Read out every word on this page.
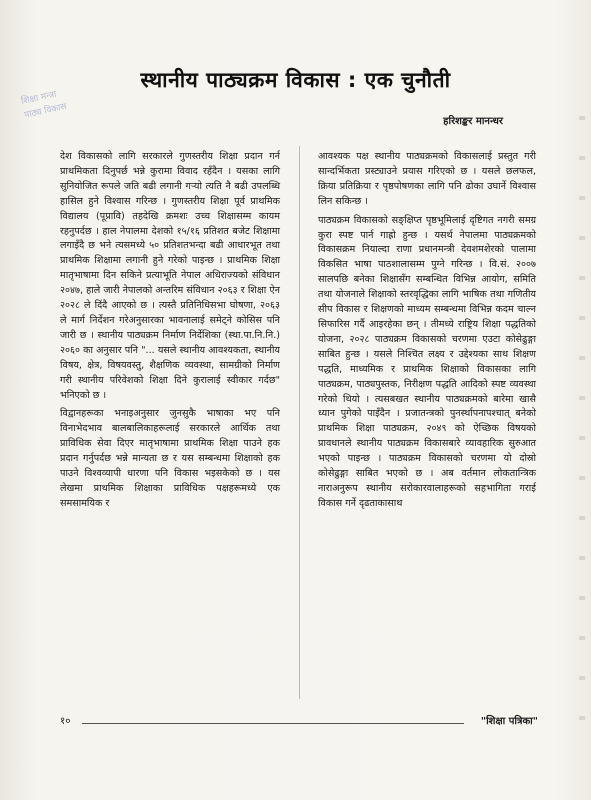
शिक्षा मन्त्रा
पाठ्य विकास
स्थानीय पाठ्यक्रम विकास : एक चुनौती
हरिशङ्कर मानन्धर

देश विकासको लागि सरकारले गुणस्तरीय शिक्षा प्रदान गर्न प्राथमिकता दिनुपर्छ भन्ने कुरामा विवाद रहँदैन । यसका लागि सुनियोजित रूपले जति बढी लगानी गऱ्यो त्यति नै बढी उपलब्धि हासिल हुने विश्वास गरिन्छ । गुणस्तरीय शिक्षा पूर्व प्राथमिक विद्यालय (पूप्रावि) तहदेखि क्रमशः उच्च शिक्षासम्म कायम रहनुपर्दछ । हाल नेपालमा देशको १५/१६ प्रतिशत बजेट शिक्षामा लगाइँदै छ भने त्यसमध्ये ५० प्रतिशतभन्दा बढी आधारभूत तथा प्राथमिक शिक्षामा लगानी हुने गरेको पाइन्छ । प्राथमिक शिक्षा मातृभाषामा दिन सकिने प्रत्याभूति नेपाल अधिराज्यको संविधान २०४७, हाले जारी नेपालको अन्तरिम संविधान २०६३ र शिक्षा ऐन २०२८ ले दिंदै आएको छ । त्यस्तै प्रतिनिधिसभा घोषणा, २०६३ ले मार्ग निर्देशन गरेअनुसारका भावनालाई समेट्ने कोसिस पनि जारी छ । स्थानीय पाठ्यक्रम निर्माण निर्देशिका (स्था.पा.नि.नि.) २०६० का अनुसार पनि "... यसले स्थानीय आवश्यकता, स्थानीय विषय, क्षेत्र, विषयवस्तु, शैक्षणिक व्यवस्था, सामग्रीको निर्माण गरी स्थानीय परिवेशको शिक्षा दिने कुरालाई स्वीकार गर्दछ" भनिएको छ ।

विद्वानहरूका भनाइअनुसार जुनसुकै भाषाका भए पनि विनाभेदभाव बालबालिकाहरूलाई सरकारले आर्थिक तथा प्राविधिक सेवा दिएर मातृभाषामा प्राथमिक शिक्षा पाउने हक प्रदान गर्नुपर्दछ भन्ने मान्यता छ र यस सम्बन्धमा शिक्षाको हक पाउने विश्वव्यापी धारणा पनि विकास भइसकेको छ । यस लेखमा प्राथमिक शिक्षाका प्राविधिक पक्षहरूमध्ये एक समसामयिक र

आवश्यक पक्ष स्थानीय पाठ्यक्रमको विकासलाई प्रस्तुत गरी सान्दर्भिकता प्रस्ट्याउने प्रयास गरिएको छ । यसले छलफल, क्रिया प्रतिक्रिया र पृष्ठपोषणका लागि पनि ढोका उघार्ने विश्वास लिन सकिन्छ ।

पाठ्यक्रम विकासको सङ्क्षिप्त पृष्ठभूमिलाई दृष्टिगत नगरी समग्र कुरा स्पष्ट पार्न गाह्रो हुन्छ । यसर्थ नेपालमा पाठ्यक्रमको विकासक्रम नियाल्दा राणा प्रधानमन्त्री देवशमशेरको पालामा विकसित भाषा पाठशालासम्म पुग्ने गरिन्छ । वि.सं. २००७ सालपछि बनेका शिक्षासँग सम्बन्धित विभिन्न आयोग, समिति तथा योजनाले शिक्षाको स्तरवृद्धिका लागि भाषिक तथा गणितीय सीप विकास र शिक्षणको माध्यम सम्बन्धमा विभिन्न कदम चाल्न सिफारिस गर्दै आइरहेका छन् । तीमध्ये राष्ट्रिय शिक्षा पद्धतिको योजना, २०२८ पाठ्यक्रम विकासको चरणमा एउटा कोसेढुङ्गा साबित हुन्छ । यसले निश्चित लक्ष्य र उद्देश्यका साथ शिक्षण पद्धति, माध्यमिक र प्राथमिक शिक्षाको विकासका लागि पाठ्यक्रम, पाठ्यपुस्तक, निरीक्षण पद्धति आदिको स्पष्ट व्यवस्था गरेको थियो । त्यसबखत स्थानीय पाठ्यक्रमको बारेमा खासै ध्यान पुगेको पाइँदैन । प्रजातन्त्रको पुनर्स्थापनापश्चात् बनेको प्राथमिक शिक्षा पाठ्यक्रम, २०४९ को ऐच्छिक विषयको प्रावधानले स्थानीय पाठ्यक्रम विकासबारे व्यावहारिक सुरुआत भएको पाइन्छ । पाठ्यक्रम विकासको चरणमा यो दोस्रो कोसेढुङ्गा साबित भएको छ । अब वर्तमान लोकतान्त्रिक नाराअनुरूप स्थानीय सरोकारवालाहरूको सहभागिता गराई विकास गर्ने दृढताकासाथ

१०	"शिक्षा पत्रिका"
